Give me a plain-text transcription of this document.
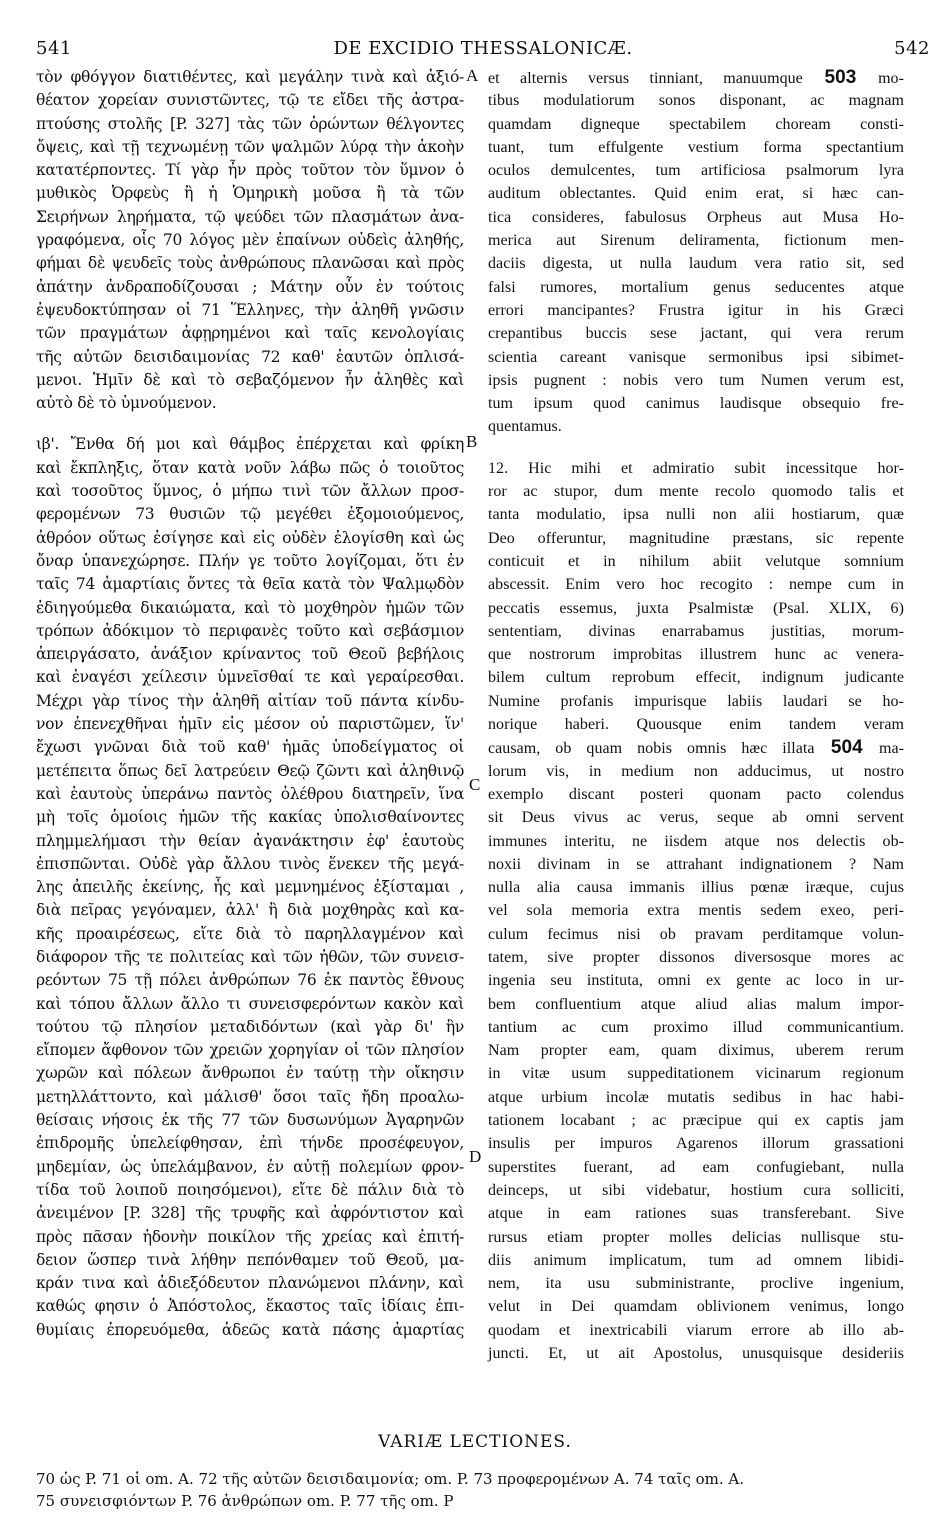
541	DE EXCIDIO THESSALONICÆ.	542
τὸν φθόγγον διατιθέντες, καὶ μεγάλην τινὰ καὶ ἀξιό-
θέατον χορείαν συνιστῶντες, τῷ τε εἴδει τῆς ἀστρα-
πτούσης στολῆς [P. 327] τὰς τῶν ὁρώντων θέλγοντες
ὄψεις, καὶ τῇ τεχνωμένῃ τῶν ψαλμῶν λύρᾳ τὴν ἀκοὴν
κατατέρποντες. Τί γὰρ ἦν πρὸς τοῦτον τὸν ὕμνον ὁ
μυθικὸς Ὀρφεὺς ἢ ἡ Ὁμηρικὴ μοῦσα ἢ τὰ τῶν
Σειρήνων ληρήματα, τῷ ψεύδει τῶν πλασμάτων ἀνα-
γραφόμενα, οἷς 70 λόγος μὲν ἐπαίνων οὐδεὶς ἀληθής,
φήμαι δὲ ψευδεῖς τοὺς ἀνθρώπους πλανῶσαι καὶ πρὸς
ἀπάτην ἀνδραποδίζουσαι ; Μάτην οὖν ἐν τούτοις
ἐψευδοκτύπησαν οἱ 71 Ἕλληνες, τὴν ἀληθῆ γνῶσιν
τῶν πραγμάτων ἀφῃρημένοι καὶ ταῖς κενολογίαις
τῆς αὐτῶν δεισιδαιμονίας 72 καθ' ἑαυτῶν ὁπλισά-
μενοι. Ἡμῖν δὲ καὶ τὸ σεβαζόμενον ἦν ἀληθὲς καὶ
αὐτὸ δὲ τὸ ὑμνούμενον.
ιβ'. Ἔνθα δή μοι καὶ θάμβος ἐπέρχεται καὶ φρίκη
καὶ ἔκπληξις, ὅταν κατὰ νοῦν λάβω πῶς ὁ τοιοῦτος
καὶ τοσοῦτος ὕμνος, ὁ μήπω τινὶ τῶν ἄλλων προσ-
φερομένων 73 θυσιῶν τῷ μεγέθει ἐξομοιούμενος,
ἀθρόον οὕτως ἐσίγησε καὶ εἰς οὐδὲν ἐλογίσθη καὶ ὡς
ὄναρ ὑπανεχώρησε. Πλήν γε τοῦτο λογίζομαι, ὅτι ἐν
ταῖς 74 ἁμαρτίαις ὄντες τὰ θεῖα κατὰ τὸν Ψαλμῳδὸν
ἐδιηγούμεθα δικαιώματα, καὶ τὸ μοχθηρὸν ἡμῶν τῶν
τρόπων ἀδόκιμον τὸ περιφανὲς τοῦτο καὶ σεβάσμιον
ἀπειργάσατο, ἀνάξιον κρίναντος τοῦ Θεοῦ βεβήλοις
καὶ ἐναγέσι χείλεσιν ὑμνεῖσθαί τε καὶ γεραίρεσθαι.
Μέχρι γὰρ τίνος τὴν ἀληθῆ αἰτίαν τοῦ πάντα κίνδυ-
νον ἐπενεχθῆναι ἡμῖν εἰς μέσον οὐ παριστῶμεν, ἵν'
ἔχωσι γνῶναι διὰ τοῦ καθ' ἡμᾶς ὑποδείγματος οἱ
μετέπειτα ὅπως δεῖ λατρεύειν Θεῷ ζῶντι καὶ ἀληθινῷ
καὶ ἑαυτοὺς ὑπεράνω παντὸς ὀλέθρου διατηρεῖν, ἵνα
μὴ τοῖς ὁμοίοις ἡμῶν τῆς κακίας ὑπολισθαίνοντες
πλημμελήμασι τὴν θείαν ἀγανάκτησιν ἐφ' ἑαυτοὺς
ἐπισπῶνται. Οὐδὲ γὰρ ἄλλου τινὸς ἕνεκεν τῆς μεγά-
λης ἀπειλῆς ἐκείνης, ἧς καὶ μεμνημένος ἐξίσταμαι ,
διὰ πεῖρας γεγόναμεν, ἀλλ' ἢ διὰ μοχθηρὰς καὶ κα-
κῆς προαιρέσεως, εἴτε διὰ τὸ παρηλλαγμένον καὶ
διάφορον τῆς τε πολιτείας καὶ τῶν ἠθῶν, τῶν συνεισ-
ρεόντων 75 τῇ πόλει ἀνθρώπων 76 ἐκ παντὸς ἔθνους
καὶ τόπου ἄλλων ἄλλο τι συνεισφερόντων κακὸν καὶ
τούτου τῷ πλησίον μεταδιδόντων (καὶ γὰρ δι' ἣν
εἴπομεν ἄφθονον τῶν χρειῶν χορηγίαν οἱ τῶν πλησίον
χωρῶν καὶ πόλεων ἄνθρωποι ἐν ταύτῃ τὴν οἴκησιν
μετηλλάττοντο, καὶ μάλισθ' ὅσοι ταῖς ἤδη προαλω-
θείσαις νήσοις ἐκ τῆς 77 τῶν δυσωνύμων Ἀγαρηνῶν
ἐπιδρομῆς ὑπελείφθησαν, ἐπὶ τήνδε προσέφευγον,
μηδεμίαν, ὡς ὑπελάμβανον, ἐν αὐτῇ πολεμίων φρον-
τίδα τοῦ λοιποῦ ποιησόμενοι), εἴτε δὲ πάλιν διὰ τὸ
ἀνειμένον [P. 328] τῆς τρυφῆς καὶ ἀφρόντιστον καὶ
πρὸς πᾶσαν ἡδονὴν ποικίλον τῆς χρείας καὶ ἐπιτή-
δειον ὥσπερ τινὰ λήθην πεπόνθαμεν τοῦ Θεοῦ, μα-
κράν τινα καὶ ἀδιεξόδευτον πλανώμενοι πλάνην, καὶ
καθώς φησιν ὁ Ἀπόστολος, ἕκαστος ταῖς ἰδίαις ἐπι-
θυμίαις ἐπορευόμεθα, ἀδεῶς κατὰ πάσης ἁμαρτίας
et alternis versus tinniant, manuumque 503 mo-
tibus modulatiorum sonos disponant, ac magnam
quamdam digneque spectabilem choream consti-
tuant, tum effulgente vestium forma spectantium
oculos demulcentes, tum artificiosa psalmorum lyra
auditum oblectantes. Quid enim erat, si hæc can-
tica consideres, fabulosus Orpheus aut Musa Ho-
merica aut Sirenum deliramenta, fictionum men-
daciis digesta, ut nulla laudum vera ratio sit, sed
falsi rumores, mortalium genus seducentes atque
errori mancipantes? Frustra igitur in his Græci
crepantibus buccis sese jactant, qui vera rerum
scientia careant vanisque sermonibus ipsi sibimet-
ipsis pugnent : nobis vero tum Numen verum est,
tum ipsum quod canimus laudisque obsequio fre-
quentamus.
12. Hic mihi et admiratio subit incessitque hor-
ror ac stupor, dum mente recolo quomodo talis et
tanta modulatio, ipsa nulli non alii hostiarum, quæ
Deo offeruntur, magnitudine præstans, sic repente
conticuit et in nihilum abiit velutque somnium
abscessit. Enim vero hoc recogito : nempe cum in
peccatis essemus, juxta Psalmistæ (Psal. XLIX, 6)
sententiam, divinas enarrabamus justitias, morum-
que nostrorum improbitas illustrem hunc ac venera-
bilem cultum reprobum effecit, indignum judicante
Numine profanis impurisque labiis laudari se ho-
norique haberi. Quousque enim tandem veram
causam, ob quam nobis omnis hæc illata 504 ma-
lorum vis, in medium non adducimus, ut nostro
exemplo discant posteri quonam pacto colendus
sit Deus vivus ac verus, seque ab omni servent
immunes interitu, ne iisdem atque nos delectis ob-
noxii divinam in se attrahant indignationem ? Nam
nulla alia causa immanis illius pœnæ iræque, cujus
vel sola memoria extra mentis sedem exeo, peri-
culum fecimus nisi ob pravam perditamque volun-
tatem, sive propter dissonos diversosque mores ac
ingenia seu instituta, omni ex gente ac loco in ur-
bem confluentium atque aliud alias malum impor-
tantium ac cum proximo illud communicantium.
Nam propter eam, quam diximus, uberem rerum
in vitæ usum suppeditationem vicinarum regionum
atque urbium incolæ mutatis sedibus in hac habi-
tationem locabant ; ac præcipue qui ex captis jam
insulis per impuros Agarenos illorum grassationi
superstites fuerant, ad eam confugiebant, nulla
deinceps, ut sibi videbatur, hostium cura solliciti,
atque in eam rationes suas transferebant. Sive
rursus etiam propter molles delicias nullisque stu-
diis animum implicatum, tum ad omnem libidi-
nem, ita usu subministrante, proclive ingenium,
velut in Dei quamdam oblivionem venimus, longo
quodam et inextricabili viarum errore ab illo ab-
juncti. Et, ut ait Apostolus, unusquisque desideriis
A
B
C
D
VARIÆ LECTIONES.
70 ὡς P. 71 οἱ om. A. 72 τῆς αὐτῶν δεισιδαιμονία; om. P. 73 προφερομένων A. 74 ταῖς om. A.
75 συνεισφιόντων P. 76 ἀνθρώπων om. P. 77 τῆς om. P
